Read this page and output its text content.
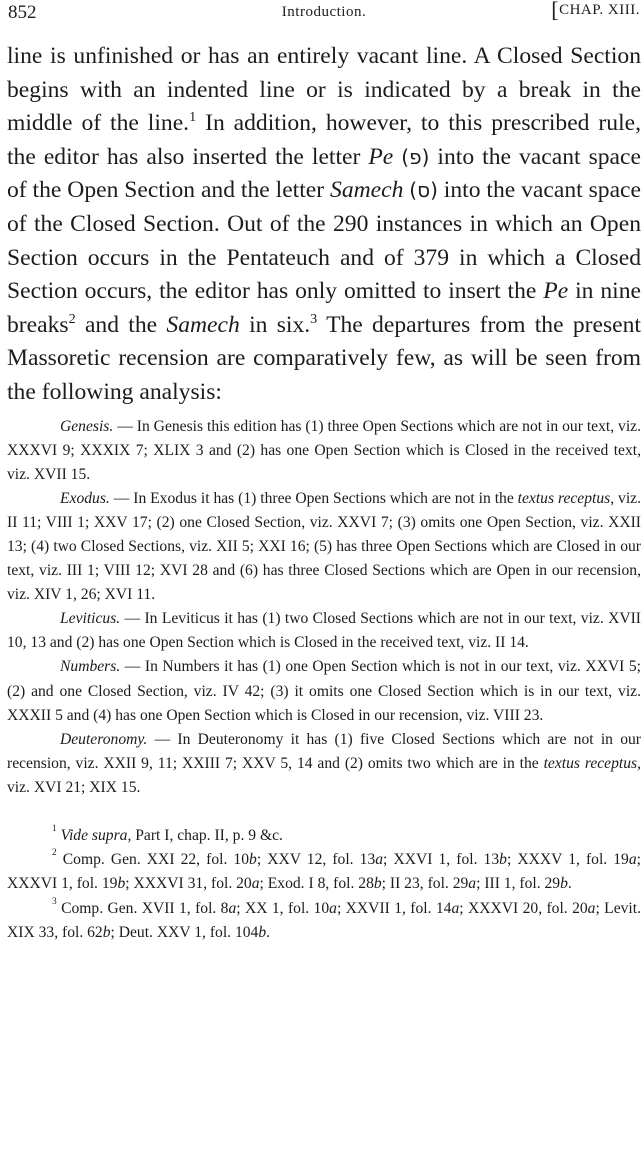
852	Introduction.	[CHAP. XIII.

line is unfinished or has an entirely vacant line. A Closed Section begins with an indented line or is indicated by a break in the middle of the line.$^1$ In addition, however, to this prescribed rule, the editor has also inserted the letter Pe (פ) into the vacant space of the Open Section and the letter Samech (ס) into the vacant space of the Closed Section. Out of the 290 instances in which an Open Section occurs in the Pentateuch and of 379 in which a Closed Section occurs, the editor has only omitted to insert the Pe in nine breaks$^2$ and the Samech in six.$^3$ The departures from the present Massoretic recension are comparatively few, as will be seen from the following analysis:

Genesis. — In Genesis this edition has (1) three Open Sections which are not in our text, viz. XXXVI 9; XXXIX 7; XLIX 3 and (2) has one Open Section which is Closed in the received text, viz. XVII 15.

Exodus. — In Exodus it has (1) three Open Sections which are not in the textus receptus, viz. II 11; VIII 1; XXV 17; (2) one Closed Section, viz. XXVI 7; (3) omits one Open Section, viz. XXII 13; (4) two Closed Sections, viz. XII 5; XXI 16; (5) has three Open Sections which are Closed in our text, viz. III 1; VIII 12; XVI 28 and (6) has three Closed Sections which are Open in our recension, viz. XIV 1, 26; XVI 11.

Leviticus. — In Leviticus it has (1) two Closed Sections which are not in our text, viz. XVII 10, 13 and (2) has one Open Section which is Closed in the received text, viz. II 14.

Numbers. — In Numbers it has (1) one Open Section which is not in our text, viz. XXVI 5; (2) and one Closed Section, viz. IV 42; (3) it omits one Closed Section which is in our text, viz. XXXII 5 and (4) has one Open Section which is Closed in our recension, viz. VIII 23.

Deuteronomy. — In Deuteronomy it has (1) five Closed Sections which are not in our recension, viz. XXII 9, 11; XXIII 7; XXV 5, 14 and (2) omits two which are in the textus receptus, viz. XVI 21; XIX 15.

$^1$ Vide supra, Part I, chap. II, p. 9 &c.

$^2$ Comp. Gen. XXI 22, fol. 10b; XXV 12, fol. 13a; XXVI 1, fol. 13b; XXXV 1, fol. 19a; XXXVI 1, fol. 19b; XXXVI 31, fol. 20a; Exod. I 8, fol. 28b; II 23, fol. 29a; III 1, fol. 29b.

$^3$ Comp. Gen. XVII 1, fol. 8a; XX 1, fol. 10a; XXVII 1, fol. 14a; XXXVI 20, fol. 20a; Levit. XIX 33, fol. 62b; Deut. XXV 1, fol. 104b.
